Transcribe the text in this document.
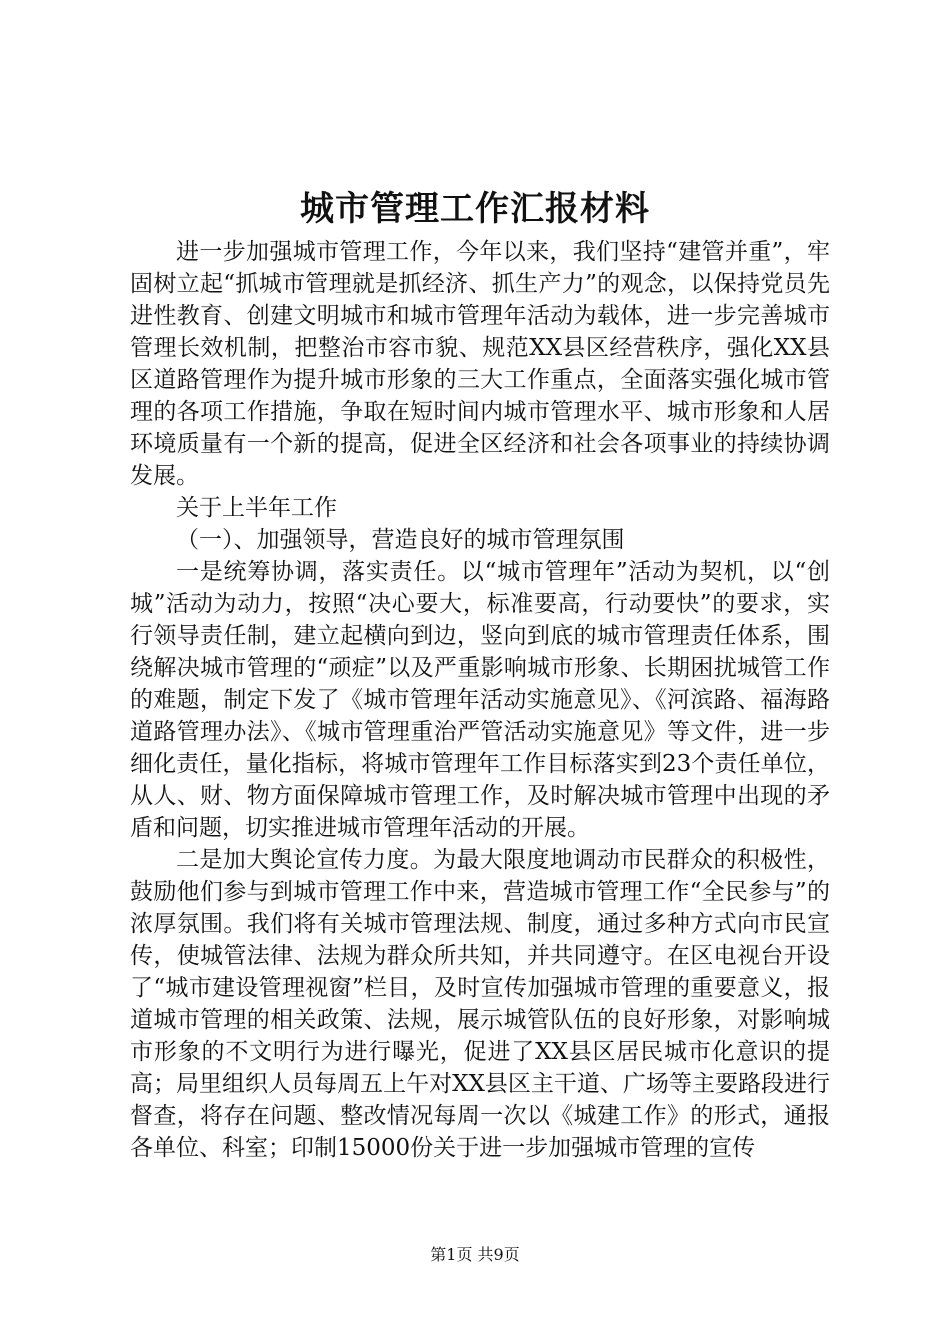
城市管理工作汇报材料

进一步加强城市管理工作，今年以来，我们坚持“建管并重”，牢固树立起“抓城市管理就是抓经济、抓生产力”的观念，以保持党员先进性教育、创建文明城市和城市管理年活动为载体，进一步完善城市管理长效机制，把整治市容市貌、规范XX县区经营秩序，强化XX县区道路管理作为提升城市形象的三大工作重点，全面落实强化城市管理的各项工作措施，争取在短时间内城市管理水平、城市形象和人居环境质量有一个新的提高，促进全区经济和社会各项事业的持续协调发展。

关于上半年工作

（一）、加强领导，营造良好的城市管理氛围

一是统筹协调，落实责任。以“城市管理年”活动为契机，以“创城”活动为动力，按照“决心要大，标准要高，行动要快”的要求，实行领导责任制，建立起横向到边，竖向到底的城市管理责任体系，围绕解决城市管理的“顽症”以及严重影响城市形象、长期困扰城管工作的难题，制定下发了《城市管理年活动实施意见》、《河滨路、福海路道路管理办法》、《城市管理重治严管活动实施意见》等文件，进一步细化责任，量化指标，将城市管理年工作目标落实到23个责任单位，从人、财、物方面保障城市管理工作，及时解决城市管理中出现的矛盾和问题，切实推进城市管理年活动的开展。

二是加大舆论宣传力度。为最大限度地调动市民群众的积极性，鼓励他们参与到城市管理工作中来，营造城市管理工作“全民参与”的浓厚氛围。我们将有关城市管理法规、制度，通过多种方式向市民宣传，使城管法律、法规为群众所共知，并共同遵守。在区电视台开设了“城市建设管理视窗”栏目，及时宣传加强城市管理的重要意义，报道城市管理的相关政策、法规，展示城管队伍的良好形象，对影响城市形象的不文明行为进行曝光，促进了XX县区居民城市化意识的提高；局里组织人员每周五上午对XX县区主干道、广场等主要路段进行督查，将存在问题、整改情况每周一次以《城建工作》的形式，通报各单位、科室；印制15000份关于进一步加强城市管理的宣传

第1页 共9页
